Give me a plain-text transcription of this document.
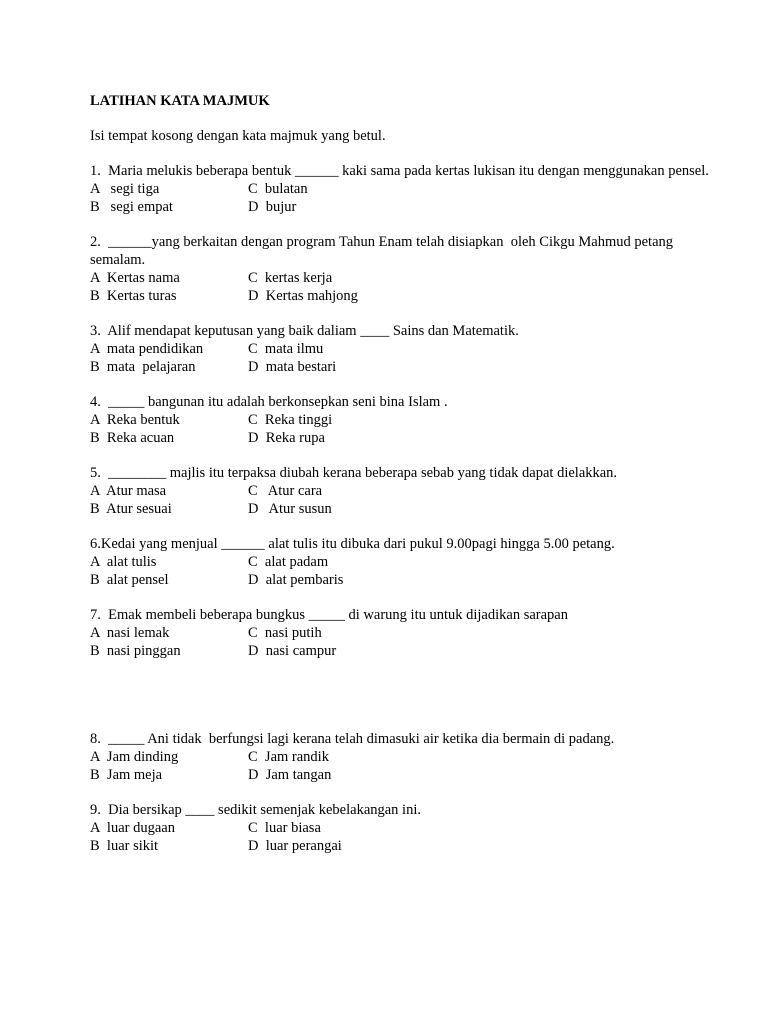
LATIHAN KATA MAJMUK

Isi tempat kosong dengan kata majmuk yang betul.

1.  Maria melukis beberapa bentuk ______ kaki sama pada kertas lukisan itu dengan menggunakan pensel.

A   segi tiga	C  bulatan
B   segi empat	D  bujur

2.  ______yang berkaitan dengan program Tahun Enam telah disiapkan  oleh Cikgu Mahmud petang semalam.

A  Kertas nama	C  kertas kerja
B  Kertas turas	D  Kertas mahjong

3.  Alif mendapat keputusan yang baik daliam ____ Sains dan Matematik.

A  mata pendidikan	C  mata ilmu
B  mata  pelajaran	D  mata bestari

4.  _____ bangunan itu adalah berkonsepkan seni bina Islam .

A  Reka bentuk	C  Reka tinggi
B  Reka acuan	D  Reka rupa

5.  ________ majlis itu terpaksa diubah kerana beberapa sebab yang tidak dapat dielakkan.

A  Atur masa	C   Atur cara
B  Atur sesuai	D   Atur susun

6.Kedai yang menjual ______ alat tulis itu dibuka dari pukul 9.00pagi hingga 5.00 petang.

A  alat tulis	C  alat padam
B  alat pensel	D  alat pembaris

7.  Emak membeli beberapa bungkus _____ di warung itu untuk dijadikan sarapan

A  nasi lemak	C  nasi putih
B  nasi pinggan	D  nasi campur

8.  _____ Ani tidak  berfungsi lagi kerana telah dimasuki air ketika dia bermain di padang.

A  Jam dinding	C  Jam randik
B  Jam meja	D  Jam tangan

9.  Dia bersikap ____ sedikit semenjak kebelakangan ini.

A  luar dugaan	C  luar biasa
B  luar sikit	D  luar perangai
